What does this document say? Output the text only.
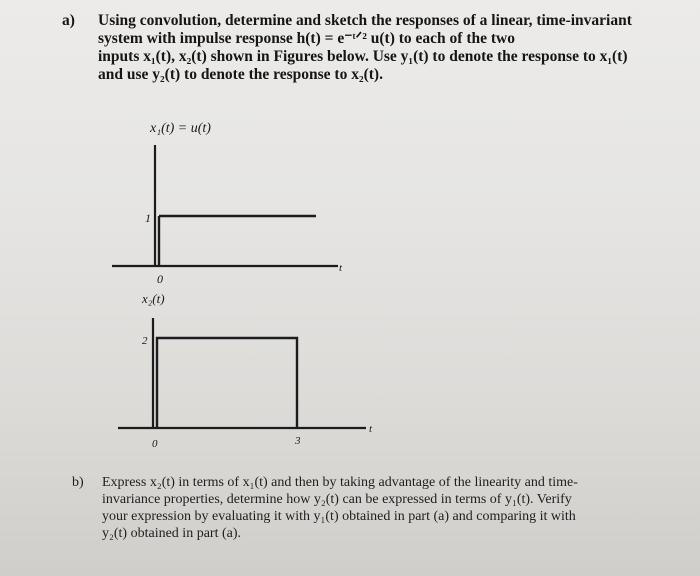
a) Using convolution, determine and sketch the responses of a linear, time-invariant
system with impulse response h(t) = e⁻ᵗᐟ² u(t) to each of the two
inputs x₁(t), x₂(t) shown in Figures below. Use y₁(t) to denote the response to x₁(t)
and use y₂(t) to denote the response to x₂(t).
x₁(t) = u(t)
1
0
t
x₂(t)
2
0	3
t
b) Express x₂(t) in terms of x₁(t) and then by taking advantage of the linearity and time-
invariance properties, determine how y₂(t) can be expressed in terms of y₁(t). Verify
your expression by evaluating it with y₁(t) obtained in part (a) and comparing it with
y₂(t) obtained in part (a).
